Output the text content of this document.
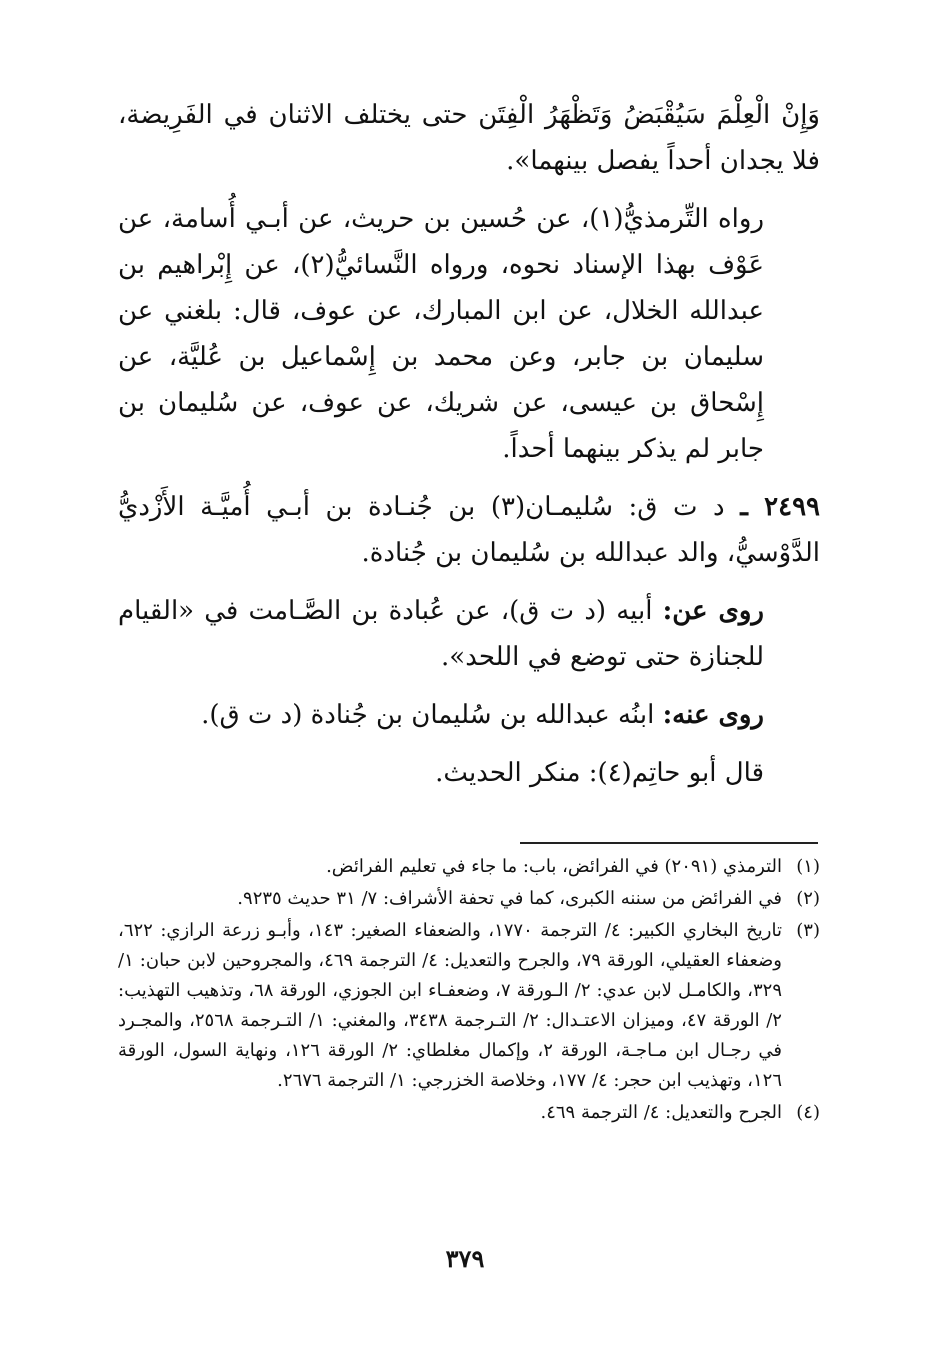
وَإِنْ الْعِلْمَ سَيُقْبَضُ وَتَظْهَرُ الْفِتَن حتى يختلف الاثنان في الفَرِيضة، فلا يجدان أحداً يفصل بينهما».

رواه التِّرمذيُّ(١)، عن حُسين بن حريث، عن أبـي أُسامة، عن عَوْف بهذا الإسناد نحوه، ورواه النَّسائيُّ(٢)، عن إِبْراهيم بن عبدالله الخلال، عن ابن المبارك، عن عوف، قال: بلغني عن سليمان بن جابر، وعن محمد بن إِسْماعيل بن عُليَّة، عن إِسْحاق بن عيسى، عن شريك، عن عوف، عن سُليمان بن جابر لم يذكر بينهما أحداً.

٢٤٩٩ ـ د ت ق: سُليمـان(٣) بن جُنـادة بن أبـي أُميَّـة الأَزْديُّ الدَّوْسيُّ، والد عبدالله بن سُليمان بن جُنادة.

روى عن: أبيه (د ت ق)، عن عُبادة بن الصَّـامت في «القيام للجنازة حتى توضع في اللحد».

روى عنه: ابنُه عبدالله بن سُليمان بن جُنادة (د ت ق).

قال أبو حاتِم(٤): منكر الحديث.

(١)
الترمذي (٢٠٩١) في الفرائض، باب: ما جاء في تعليم الفرائض.
(٢)
في الفرائض من سننه الكبرى، كما في تحفة الأشراف: ٧/ ٣١ حديث ٩٢٣٥.
(٣)
تاريخ البخاري الكبير: ٤/ الترجمة ١٧٧٠، والضعفاء الصغير: ١٤٣، وأبـو زرعة الرازي: ٦٢٢، وضعفاء العقيلي، الورقة ٧٩، والجرح والتعديل: ٤/ الترجمة ٤٦٩، والمجروحين لابن حبان: ١/ ٣٢٩، والكامـل لابن عدي: ٢/ الـورقة ٧، وضعفـاء ابن الجوزي، الورقة ٦٨، وتذهيب التهذيب: ٢/ الورقة ٤٧، وميزان الاعتـدال: ٢/ التـرجمة ٣٤٣٨، والمغني: ١/ التـرجمة ٢٥٦٨، والمجـرد في رجـال ابن مـاجـة، الورقة ٢، وإكمال مغلطاي: ٢/ الورقة ١٢٦، ونهاية السول، الورقة ١٢٦، وتهذيب ابن حجر: ٤/ ١٧٧، وخلاصة الخزرجي: ١/ الترجمة ٢٦٧٦.
(٤)
الجرح والتعديل: ٤/ الترجمة ٤٦٩.
٣٧٩
